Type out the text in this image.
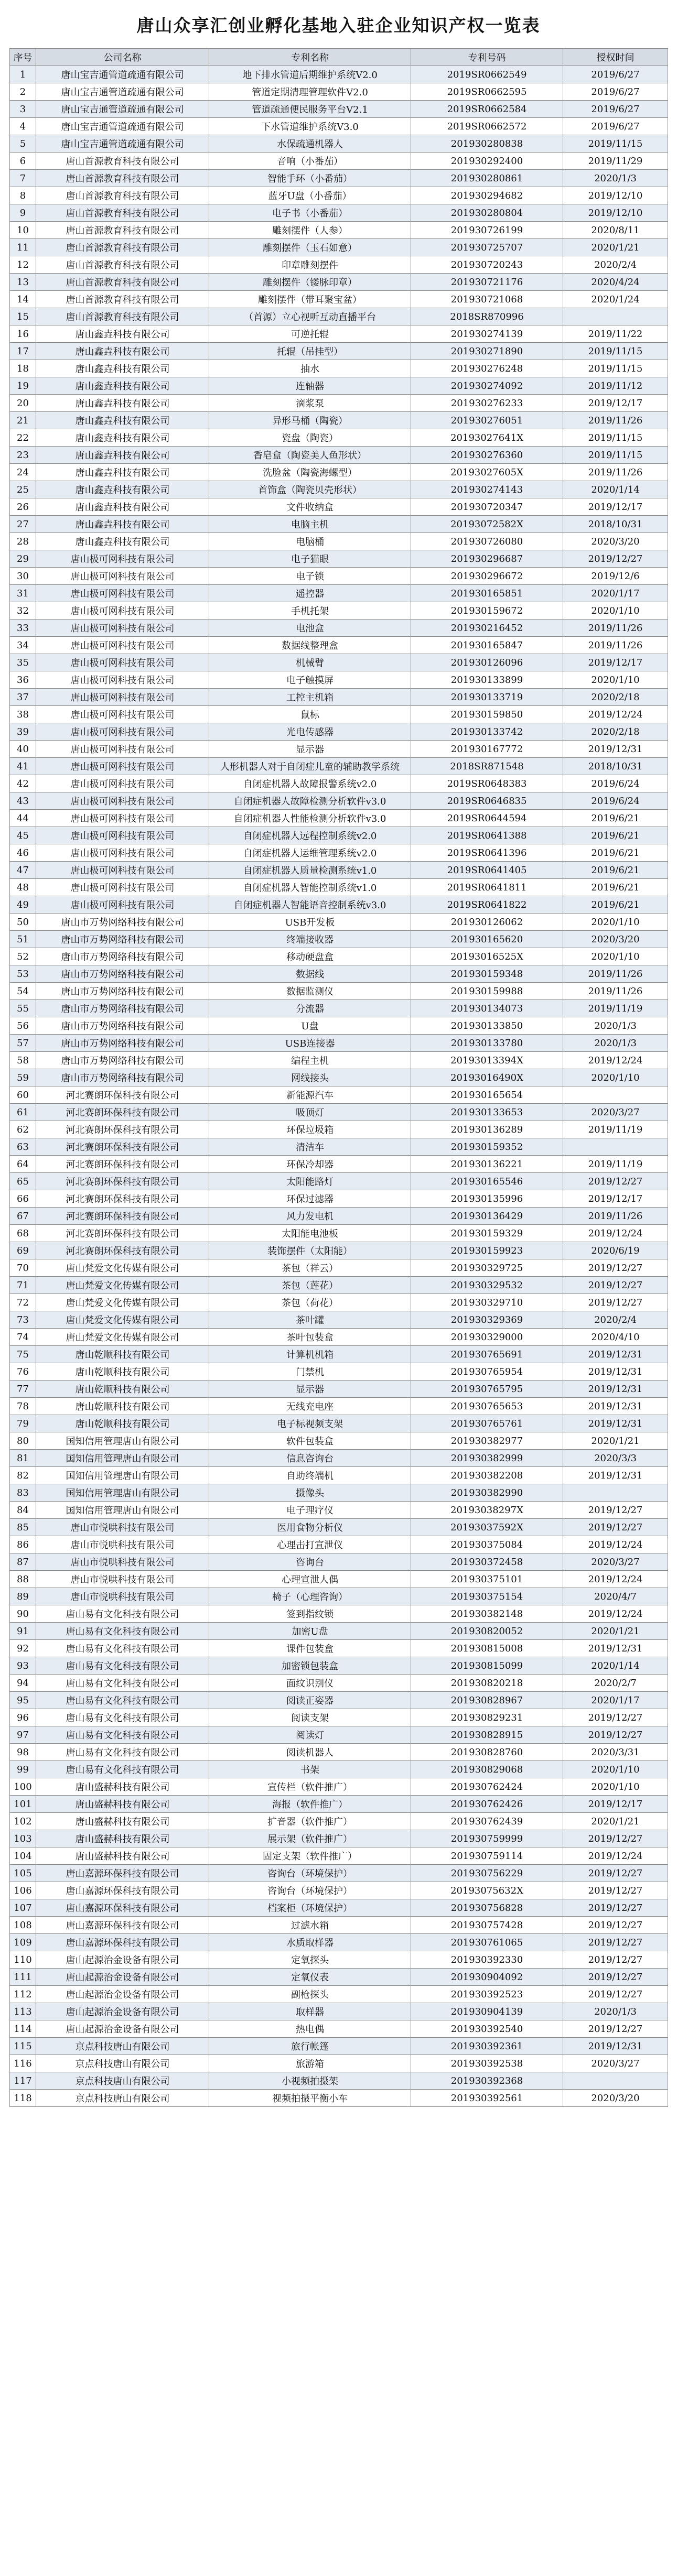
唐山众享汇创业孵化基地入驻企业知识产权一览表
序号	公司名称	专利名称	专利号码	授权时间
1	唐山宝吉通管道疏通有限公司	地下排水管道后期维护系统V2.0	2019SR0662549	2019/6/27
2	唐山宝吉通管道疏通有限公司	管道定期清理管理软件V2.0	2019SR0662595	2019/6/27
3	唐山宝吉通管道疏通有限公司	管道疏通便民服务平台V2.1	2019SR0662584	2019/6/27
4	唐山宝吉通管道疏通有限公司	下水管道维护系统V3.0	2019SR0662572	2019/6/27
5	唐山宝吉通管道疏通有限公司	水保疏通机器人	201930280838	2019/11/15
6	唐山首源教育科技有限公司	音响（小番茄）	201930292400	2019/11/29
7	唐山首源教育科技有限公司	智能手环（小番茄）	201930280861	2020/1/3
8	唐山首源教育科技有限公司	蓝牙U盘（小番茄）	201930294682	2019/12/10
9	唐山首源教育科技有限公司	电子书（小番茄）	201930280804	2019/12/10
10	唐山首源教育科技有限公司	雕刻摆件（人参）	201930726199	2020/8/11
11	唐山首源教育科技有限公司	雕刻摆件（玉石如意）	201930725707	2020/1/21
12	唐山首源教育科技有限公司	印章雕刻摆件	201930720243	2020/2/4
13	唐山首源教育科技有限公司	雕刻摆件（镂脉印章）	201930721176	2020/4/24
14	唐山首源教育科技有限公司	雕刻摆件（带耳聚宝盆）	201930721068	2020/1/24
15	唐山首源教育科技有限公司	（首源）立心视听互动直播平台	2018SR870996	
16	唐山鑫垚科技有限公司	可逆托辊	201930274139	2019/11/22
17	唐山鑫垚科技有限公司	托辊（吊挂型）	201930271890	2019/11/15
18	唐山鑫垚科技有限公司	抽水	201930276248	2019/11/15
19	唐山鑫垚科技有限公司	连轴器	201930274092	2019/11/12
20	唐山鑫垚科技有限公司	滴浆泵	201930276233	2019/12/17
21	唐山鑫垚科技有限公司	异形马桶（陶瓷）	201930276051	2019/11/26
22	唐山鑫垚科技有限公司	瓷盘（陶瓷）	20193027641X	2019/11/15
23	唐山鑫垚科技有限公司	香皂盒（陶瓷美人鱼形状）	201930276360	2019/11/15
24	唐山鑫垚科技有限公司	洗脸盆（陶瓷海螺型）	20193027605X	2019/11/26
25	唐山鑫垚科技有限公司	首饰盒（陶瓷贝壳形状）	201930274143	2020/1/14
26	唐山鑫垚科技有限公司	文件收纳盒	201930720347	2019/12/17
27	唐山鑫垚科技有限公司	电脑主机	20193072582X	2018/10/31
28	唐山鑫垚科技有限公司	电脑桶	201930726080	2020/3/20
29	唐山极可网科技有限公司	电子猫眼	201930296687	2019/12/27
30	唐山极可网科技有限公司	电子锁	201930296672	2019/12/6
31	唐山极可网科技有限公司	遥控器	201930165851	2020/1/17
32	唐山极可网科技有限公司	手机托架	201930159672	2020/1/10
33	唐山极可网科技有限公司	电池盒	201930216452	2019/11/26
34	唐山极可网科技有限公司	数据线整理盒	201930165847	2019/11/26
35	唐山极可网科技有限公司	机械臂	201930126096	2019/12/17
36	唐山极可网科技有限公司	电子触摸屏	201930133899	2020/1/10
37	唐山极可网科技有限公司	工控主机箱	201930133719	2020/2/18
38	唐山极可网科技有限公司	鼠标	201930159850	2019/12/24
39	唐山极可网科技有限公司	光电传感器	201930133742	2020/2/18
40	唐山极可网科技有限公司	显示器	201930167772	2019/12/31
41	唐山极可网科技有限公司	人形机器人对于自闭症儿童的辅助教学系统	2018SR871548	2018/10/31
42	唐山极可网科技有限公司	自闭症机器人故障报警系统v2.0	2019SR0648383	2019/6/24
43	唐山极可网科技有限公司	自闭症机器人故障检测分析软件v3.0	2019SR0646835	2019/6/24
44	唐山极可网科技有限公司	自闭症机器人性能检测分析软件v3.0	2019SR0644594	2019/6/21
45	唐山极可网科技有限公司	自闭症机器人远程控制系统v2.0	2019SR0641388	2019/6/21
46	唐山极可网科技有限公司	自闭症机器人运维管理系统v2.0	2019SR0641396	2019/6/21
47	唐山极可网科技有限公司	自闭症机器人质量检测系统v1.0	2019SR0641405	2019/6/21
48	唐山极可网科技有限公司	自闭症机器人智能控制系统v1.0	2019SR0641811	2019/6/21
49	唐山极可网科技有限公司	自闭症机器人智能语音控制系统v3.0	2019SR0641822	2019/6/21
50	唐山市万势网络科技有限公司	USB开发板	201930126062	2020/1/10
51	唐山市万势网络科技有限公司	终端接收器	201930165620	2020/3/20
52	唐山市万势网络科技有限公司	移动硬盘盒	20193016525X	2020/1/10
53	唐山市万势网络科技有限公司	数据线	201930159348	2019/11/26
54	唐山市万势网络科技有限公司	数据监测仪	201930159988	2019/11/26
55	唐山市万势网络科技有限公司	分流器	201930134073	2019/11/19
56	唐山市万势网络科技有限公司	U盘	201930133850	2020/1/3
57	唐山市万势网络科技有限公司	USB连接器	201930133780	2020/1/3
58	唐山市万势网络科技有限公司	编程主机	20193013394X	2019/12/24
59	唐山市万势网络科技有限公司	网线接头	20193016490X	2020/1/10
60	河北赛朗环保科技有限公司	新能源汽车	201930165654	
61	河北赛朗环保科技有限公司	吸顶灯	201930133653	2020/3/27
62	河北赛朗环保科技有限公司	环保垃圾箱	201930136289	2019/11/19
63	河北赛朗环保科技有限公司	清洁车	201930159352	
64	河北赛朗环保科技有限公司	环保冷却器	201930136221	2019/11/19
65	河北赛朗环保科技有限公司	太阳能路灯	201930165546	2019/12/27
66	河北赛朗环保科技有限公司	环保过滤器	201930135996	2019/12/17
67	河北赛朗环保科技有限公司	风力发电机	201930136429	2019/11/26
68	河北赛朗环保科技有限公司	太阳能电池板	201930159329	2019/12/24
69	河北赛朗环保科技有限公司	装饰摆件（太阳能）	201930159923	2020/6/19
70	唐山梵爱文化传媒有限公司	茶包（祥云）	201930329725	2019/12/27
71	唐山梵爱文化传媒有限公司	茶包（莲花）	201930329532	2019/12/27
72	唐山梵爱文化传媒有限公司	茶包（荷花）	201930329710	2019/12/27
73	唐山梵爱文化传媒有限公司	茶叶罐	201930329369	2020/2/4
74	唐山梵爱文化传媒有限公司	茶叶包装盒	201930329000	2020/4/10
75	唐山乾顺科技有限公司	计算机机箱	201930765691	2019/12/31
76	唐山乾顺科技有限公司	门禁机	201930765954	2019/12/31
77	唐山乾顺科技有限公司	显示器	201930765795	2019/12/31
78	唐山乾顺科技有限公司	无线充电座	201930765653	2019/12/31
79	唐山乾顺科技有限公司	电子标视频支架	201930765761	2019/12/31
80	国知信用管理唐山有限公司	软件包装盒	201930382977	2020/1/21
81	国知信用管理唐山有限公司	信息咨询台	201930382999	2020/3/3
82	国知信用管理唐山有限公司	自助终端机	201930382208	2019/12/31
83	国知信用管理唐山有限公司	摄像头	201930382990	
84	国知信用管理唐山有限公司	电子理疗仪	20193038297X	2019/12/27
85	唐山市悦哄科技有限公司	医用食物分析仪	20193037592X	2019/12/27
86	唐山市悦哄科技有限公司	心理击打宣泄仪	201930375084	2019/12/24
87	唐山市悦哄科技有限公司	咨询台	201930372458	2020/3/27
88	唐山市悦哄科技有限公司	心理宣泄人偶	201930375101	2019/12/24
89	唐山市悦哄科技有限公司	椅子（心理咨询）	201930375154	2020/4/7
90	唐山易有文化科技有限公司	签到指纹锁	201930382148	2019/12/24
91	唐山易有文化科技有限公司	加密U盘	201930820052	2020/1/21
92	唐山易有文化科技有限公司	课件包装盒	201930815008	2019/12/31
93	唐山易有文化科技有限公司	加密锁包装盒	201930815099	2020/1/14
94	唐山易有文化科技有限公司	面纹识别仪	201930820218	2020/2/7
95	唐山易有文化科技有限公司	阅读正姿器	201930828967	2020/1/17
96	唐山易有文化科技有限公司	阅读支架	201930829231	2019/12/27
97	唐山易有文化科技有限公司	阅读灯	201930828915	2019/12/27
98	唐山易有文化科技有限公司	阅读机器人	201930828760	2020/3/31
99	唐山易有文化科技有限公司	书架	201930829068	2020/1/10
100	唐山盛赫科技有限公司	宣传栏（软件推广）	201930762424	2020/1/10
101	唐山盛赫科技有限公司	海报（软件推广）	201930762426	2019/12/17
102	唐山盛赫科技有限公司	扩音器（软件推广）	201930762439	2020/1/21
103	唐山盛赫科技有限公司	展示架（软件推广）	201930759999	2019/12/27
104	唐山盛赫科技有限公司	固定支架（软件推广）	201930759114	2019/12/24
105	唐山嘉源环保科技有限公司	咨询台（环境保护）	201930756229	2019/12/27
106	唐山嘉源环保科技有限公司	咨询台（环境保护）	20193075632X	2019/12/27
107	唐山嘉源环保科技有限公司	档案柜（环境保护）	201930756828	2019/12/27
108	唐山嘉源环保科技有限公司	过滤水箱	201930757428	2019/12/27
109	唐山嘉源环保科技有限公司	水质取样器	201930761065	2019/12/27
110	唐山起源治金设备有限公司	定氧探头	201930392330	2019/12/27
111	唐山起源治金设备有限公司	定氧仪表	201930904092	2019/12/27
112	唐山起源治金设备有限公司	副枪探头	201930392523	2019/12/27
113	唐山起源治金设备有限公司	取样器	201930904139	2020/1/3
114	唐山起源治金设备有限公司	热电偶	201930392540	2019/12/27
115	京点科技唐山有限公司	旅行帐篷	201930392361	2019/12/31
116	京点科技唐山有限公司	旅游箱	201930392538	2020/3/27
117	京点科技唐山有限公司	小视频拍摄架	201930392368	
118	京点科技唐山有限公司	视频拍摄平衡小车	201930392561	2020/3/20
